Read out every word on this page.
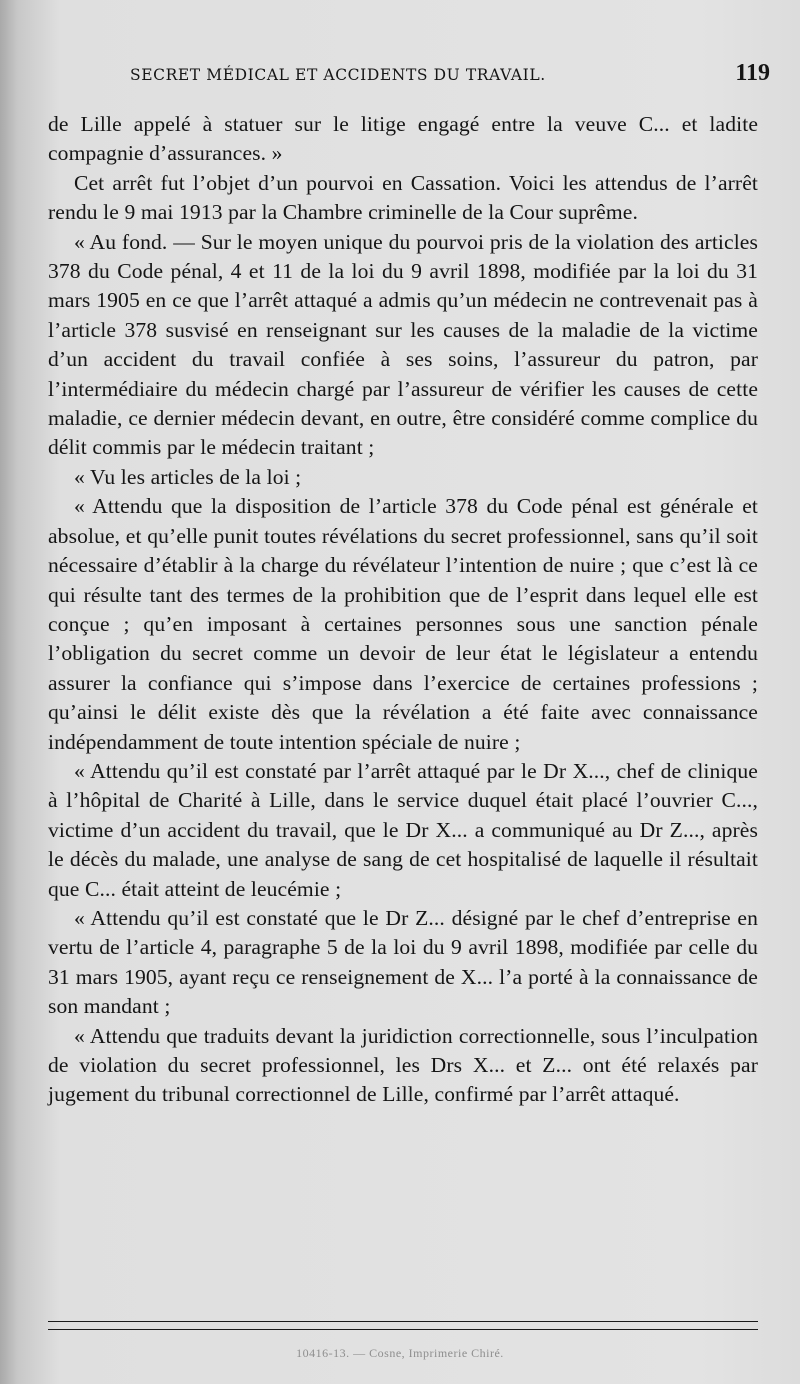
SECRET MÉDICAL ET ACCIDENTS DU TRAVAIL.	119

de Lille appelé à statuer sur le litige engagé entre la veuve C... et ladite compagnie d’assurances. »

Cet arrêt fut l’objet d’un pourvoi en Cassation. Voici les attendus de l’arrêt rendu le 9 mai 1913 par la Chambre criminelle de la Cour suprême.

« Au fond. — Sur le moyen unique du pourvoi pris de la violation des articles 378 du Code pénal, 4 et 11 de la loi du 9 avril 1898, modifiée par la loi du 31 mars 1905 en ce que l’arrêt attaqué a admis qu’un médecin ne contrevenait pas à l’article 378 susvisé en renseignant sur les causes de la maladie de la victime d’un accident du travail confiée à ses soins, l’assureur du patron, par l’intermédiaire du médecin chargé par l’assureur de vérifier les causes de cette maladie, ce dernier médecin devant, en outre, être considéré comme complice du délit commis par le médecin traitant ;

« Vu les articles de la loi ;

« Attendu que la disposition de l’article 378 du Code pénal est générale et absolue, et qu’elle punit toutes révélations du secret professionnel, sans qu’il soit nécessaire d’établir à la charge du révélateur l’intention de nuire ; que c’est là ce qui résulte tant des termes de la prohibition que de l’esprit dans lequel elle est conçue ; qu’en imposant à certaines personnes sous une sanction pénale l’obligation du secret comme un devoir de leur état le législateur a entendu assurer la confiance qui s’impose dans l’exercice de certaines professions ; qu’ainsi le délit existe dès que la révélation a été faite avec connaissance indépendamment de toute intention spéciale de nuire ;

« Attendu qu’il est constaté par l’arrêt attaqué par le Dr X..., chef de clinique à l’hôpital de Charité à Lille, dans le service duquel était placé l’ouvrier C..., victime d’un accident du travail, que le Dr X... a communiqué au Dr Z..., après le décès du malade, une analyse de sang de cet hospitalisé de laquelle il résultait que C... était atteint de leucémie ;

« Attendu qu’il est constaté que le Dr Z... désigné par le chef d’entreprise en vertu de l’article 4, paragraphe 5 de la loi du 9 avril 1898, modifiée par celle du 31 mars 1905, ayant reçu ce renseignement de X... l’a porté à la connaissance de son mandant ;

« Attendu que traduits devant la juridiction correctionnelle, sous l’inculpation de violation du secret professionnel, les Drs X... et Z... ont été relaxés par jugement du tribunal correctionnel de Lille, confirmé par l’arrêt attaqué.

10416-13. — Cosne, Imprimerie Chiré.
